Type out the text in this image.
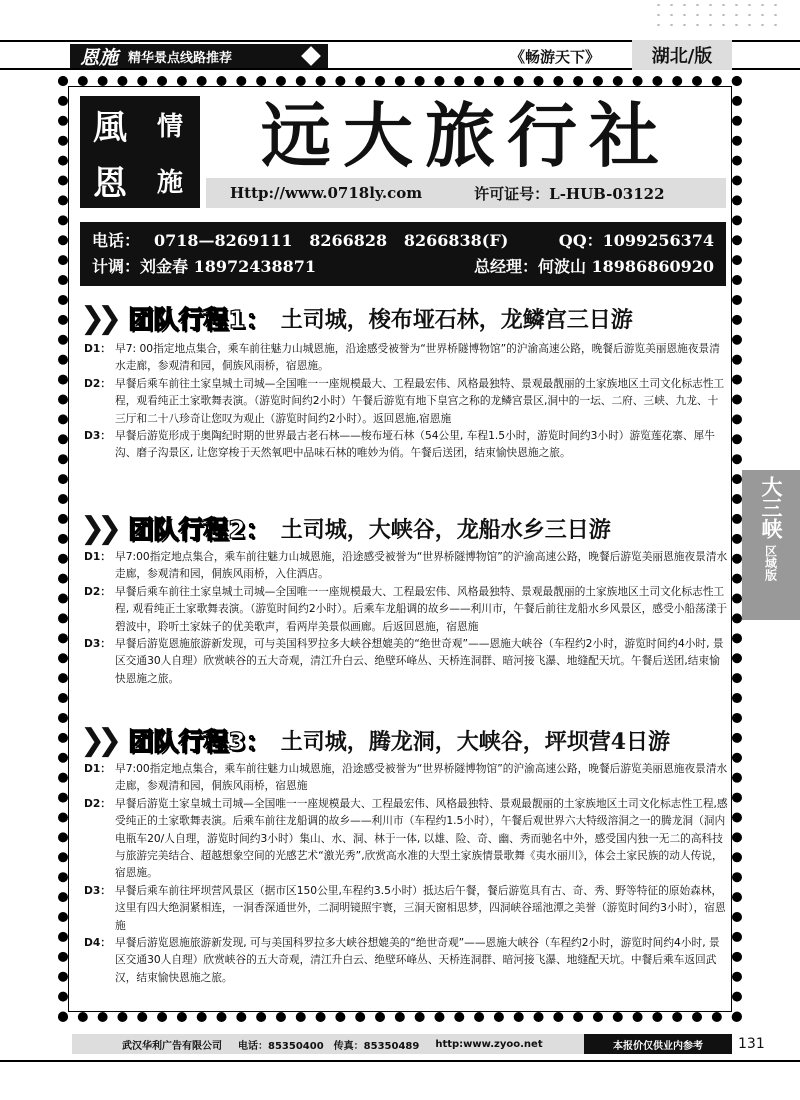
恩施 精华景点线路推荐	《畅游天下》	湖北/版
風 情
恩 施
远大旅行社
Http://www.0718ly.com	许可证号：L-HUB-03122
电话： 0718—8269111   8266828   8266838(F)	QQ：1099256374
计调：刘金春 18972438871	总经理：何波山 18986860920
❯❯ 团队行程1： 土司城，梭布垭石林，龙鳞宫三日游
D1： 早7: 00指定地点集合，乘车前往魅力山城恩施，沿途感受被誉为“世界桥隧博物馆”的沪渝高速公路，晚餐后游览美丽恩施夜景清水走廊，参观清和园，侗族风雨桥，宿恩施。
D2： 早餐后乘车前往土家皇城土司城—全国唯一一座规模最大、工程最宏伟、风格最独特、景观最靓丽的土家族地区土司文化标志性工程，观看纯正土家歌舞表演。（游览时间约2小时）午餐后游览有地下皇宫之称的龙鳞宫景区,洞中的一坛、二府、三峡、九龙、十三厅和二十八珍奇让您叹为观止（游览时间约2小时）。返回恩施,宿恩施
D3： 早餐后游览形成于奥陶纪时期的世界最古老石林——梭布垭石林（54公里, 车程1.5小时，游览时间约3小时）游览莲花寨、犀牛沟、磨子沟景区, 让您穿梭于天然氧吧中品味石林的唯妙为俏。午餐后送团，结束愉快恩施之旅。
❯❯ 团队行程2： 土司城，大峡谷，龙船水乡三日游
D1： 早7:00指定地点集合，乘车前往魅力山城恩施，沿途感受被誉为“世界桥隧博物馆”的沪渝高速公路，晚餐后游览美丽恩施夜景清水走廊，参观清和园，侗族风雨桥，入住酒店。
D2： 早餐后乘车前往土家皇城土司城—全国唯一一座规模最大、工程最宏伟、风格最独特、景观最靓丽的土家族地区土司文化标志性工程, 观看纯正土家歌舞表演。（游览时间约2小时）。后乘车龙船调的故乡——利川市，午餐后前往龙船水乡风景区，感受小船荡漾于碧波中，聆听土家妹子的优美歌声，看两岸美景似画廊。后返回恩施，宿恩施
D3： 早餐后游览恩施旅游新发现，可与美国科罗拉多大峡谷想媲美的“绝世奇观”——恩施大峡谷（车程约2小时，游览时间约4小时, 景区交通30人自理）欣赏峡谷的五大奇观，清江升白云、绝壁环峰丛、天桥连洞群、暗河接飞瀑、地缝配天坑。午餐后送团,结束愉快恩施之旅。
❯❯ 团队行程3： 土司城，腾龙洞，大峡谷，坪坝营4日游
D1： 早7:00指定地点集合，乘车前往魅力山城恩施，沿途感受被誉为“世界桥隧博物馆”的沪渝高速公路，晚餐后游览美丽恩施夜景清水走廊，参观清和园，侗族风雨桥，宿恩施
D2： 早餐后游览土家皇城土司城—全国唯一一座规模最大、工程最宏伟、风格最独特、景观最靓丽的土家族地区土司文化标志性工程,感受纯正的土家歌舞表演。后乘车前往龙船调的故乡——利川市（车程约1.5小时），午餐后观世界六大特级溶洞之一的腾龙洞（洞内电瓶车20/人自理，游览时间约3小时）集山、水、洞、林于一体, 以雄、险、奇、幽、秀而驰名中外，感受国内独一无二的高科技与旅游完美结合、超越想象空间的光感艺术“激光秀”,欣赏高水准的大型土家族情景歌舞《夷水丽川》，体会土家民族的动人传说，宿恩施。
D3： 早餐后乘车前往坪坝营风景区（据市区150公里,车程约3.5小时）抵达后午餐，餐后游览具有古、奇、秀、野等特征的原始森林，这里有四大绝洞紧相连，一洞香深通世外，二洞明镜照宇寰，三洞天窗相思梦，四洞峡谷瑶池潭之美誉（游览时间约3小时），宿恩施
D4： 早餐后游览恩施旅游新发现, 可与美国科罗拉多大峡谷想媲美的“绝世奇观”——恩施大峡谷（车程约2小时，游览时间约4小时, 景区交通30人自理）欣赏峡谷的五大奇观，清江升白云、绝壁环峰丛、天桥连洞群、暗河接飞瀑、地缝配天坑。中餐后乘车返回武汉，结束愉快恩施之旅。
大三峡
区域版
武汉华利广告有限公司 电话：85350400 传真：85350489 http:www.zyoo.net	本报价仅供业内参考	131
